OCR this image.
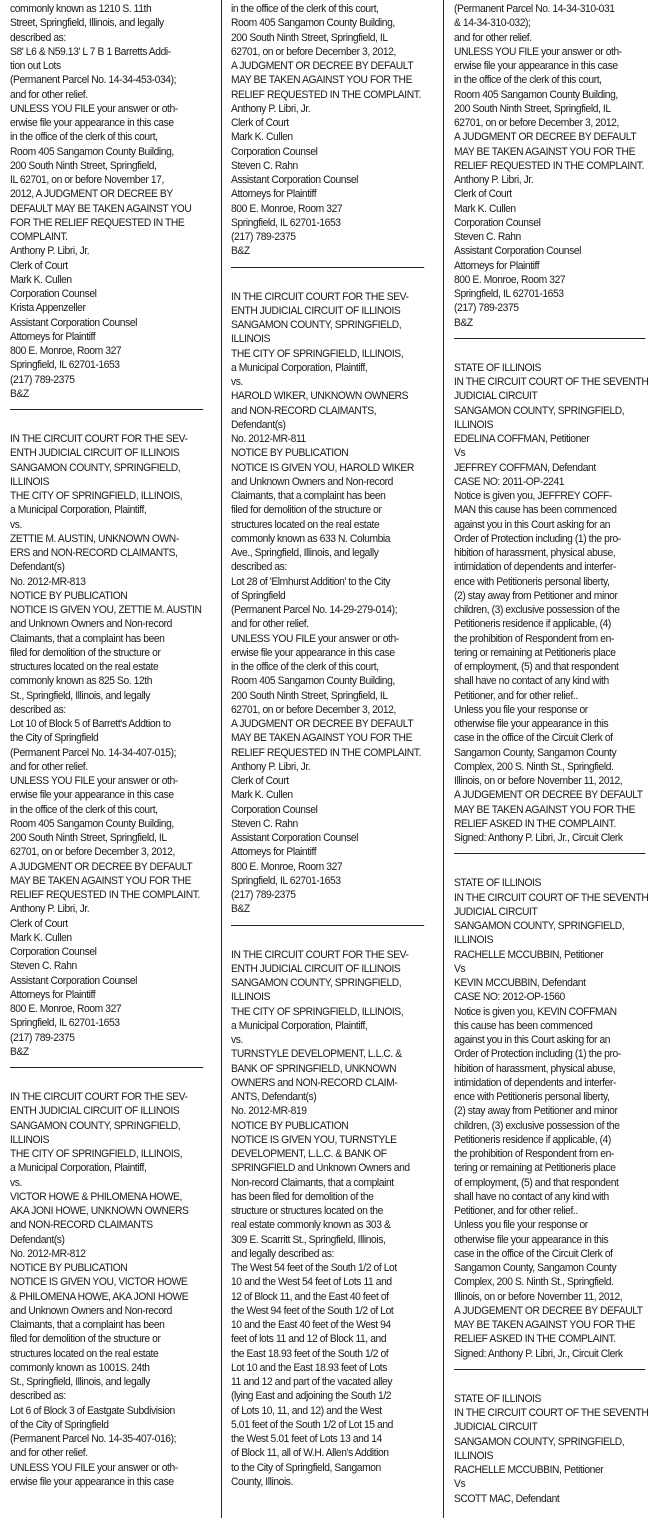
commonly known as 1210 S. 11th
Street, Springfield, Illinois, and legally
described as:
S8' L6 & N59.13' L 7 B 1 Barretts Addi-
tion out Lots
(Permanent Parcel No. 14-34-453-034);
and for other relief.
UNLESS YOU FILE your answer or oth-
erwise file your appearance in this case
in the office of the clerk of this court,
Room 405 Sangamon County Building,
200 South Ninth Street, Springfield,
IL 62701, on or before November 17,
2012, A JUDGMENT OR DECREE BY
DEFAULT MAY BE TAKEN AGAINST YOU
FOR THE RELIEF REQUESTED IN THE
COMPLAINT.
Anthony P. Libri, Jr.
Clerk of Court
Mark K. Cullen
Corporation Counsel
Krista Appenzeller
Assistant Corporation Counsel
Attorneys for Plaintiff
800 E. Monroe, Room 327
Springfield, IL 62701-1653
(217) 789-2375
B&Z
IN THE CIRCUIT COURT FOR THE SEV-
ENTH JUDICIAL CIRCUIT OF ILLINOIS
SANGAMON COUNTY, SPRINGFIELD,
ILLINOIS
THE CITY OF SPRINGFIELD, ILLINOIS,
a Municipal Corporation, Plaintiff,
vs.
ZETTIE M. AUSTIN, UNKNOWN OWN-
ERS and NON-RECORD CLAIMANTS,
Defendant(s)
No. 2012-MR-813
NOTICE BY PUBLICATION
NOTICE IS GIVEN YOU, ZETTIE M. AUSTIN
and Unknown Owners and Non-record
Claimants, that a complaint has been
filed for demolition of the structure or
structures located on the real estate
commonly known as 825 So. 12th
St., Springfield, Illinois, and legally
described as:
Lot 10 of Block 5 of Barrett's Addtion to
the City of Springfield
(Permanent Parcel No. 14-34-407-015);
and for other relief.
UNLESS YOU FILE your answer or oth-
erwise file your appearance in this case
in the office of the clerk of this court,
Room 405 Sangamon County Building,
200 South Ninth Street, Springfield, IL
62701, on or before December 3, 2012,
A JUDGMENT OR DECREE BY DEFAULT
MAY BE TAKEN AGAINST YOU FOR THE
RELIEF REQUESTED IN THE COMPLAINT.
Anthony P. Libri, Jr.
Clerk of Court
Mark K. Cullen
Corporation Counsel
Steven C. Rahn
Assistant Corporation Counsel
Attorneys for Plaintiff
800 E. Monroe, Room 327
Springfield, IL 62701-1653
(217) 789-2375
B&Z
IN THE CIRCUIT COURT FOR THE SEV-
ENTH JUDICIAL CIRCUIT OF ILLINOIS
SANGAMON COUNTY, SPRINGFIELD,
ILLINOIS
THE CITY OF SPRINGFIELD, ILLINOIS,
a Municipal Corporation, Plaintiff,
vs.
VICTOR HOWE & PHILOMENA HOWE,
AKA JONI HOWE, UNKNOWN OWNERS
and NON-RECORD CLAIMANTS
Defendant(s)
No. 2012-MR-812
NOTICE BY PUBLICATION
NOTICE IS GIVEN YOU, VICTOR HOWE
& PHILOMENA HOWE, AKA JONI HOWE
and Unknown Owners and Non-record
Claimants, that a complaint has been
filed for demolition of the structure or
structures located on the real estate
commonly known as 1001S. 24th
St., Springfield, Illinois, and legally
described as:
Lot 6 of Block 3 of Eastgate Subdivision
of the City of Springfield
(Permanent Parcel No. 14-35-407-016);
and for other relief.
UNLESS YOU FILE your answer or oth-
erwise file your appearance in this case
in the office of the clerk of this court,
Room 405 Sangamon County Building,
200 South Ninth Street, Springfield, IL
62701, on or before December 3, 2012,
A JUDGMENT OR DECREE BY DEFAULT
MAY BE TAKEN AGAINST YOU FOR THE
RELIEF REQUESTED IN THE COMPLAINT.
Anthony P. Libri, Jr.
Clerk of Court
Mark K. Cullen
Corporation Counsel
Steven C. Rahn
Assistant Corporation Counsel
Attorneys for Plaintiff
800 E. Monroe, Room 327
Springfield, IL 62701-1653
(217) 789-2375
B&Z
IN THE CIRCUIT COURT FOR THE SEV-
ENTH JUDICIAL CIRCUIT OF ILLINOIS
SANGAMON COUNTY, SPRINGFIELD,
ILLINOIS
THE CITY OF SPRINGFIELD, ILLINOIS,
a Municipal Corporation, Plaintiff,
vs.
HAROLD WIKER, UNKNOWN OWNERS
and NON-RECORD CLAIMANTS,
Defendant(s)
No. 2012-MR-811
NOTICE BY PUBLICATION
NOTICE IS GIVEN YOU, HAROLD WIKER
and Unknown Owners and Non-record
Claimants, that a complaint has been
filed for demolition of the structure or
structures located on the real estate
commonly known as 633 N. Columbia
Ave., Springfield, Illinois, and legally
described as:
Lot 28 of 'Elmhurst Addition' to the City
of Springfield
(Permanent Parcel No. 14-29-279-014);
and for other relief.
UNLESS YOU FILE your answer or oth-
erwise file your appearance in this case
in the office of the clerk of this court,
Room 405 Sangamon County Building,
200 South Ninth Street, Springfield, IL
62701, on or before December 3, 2012,
A JUDGMENT OR DECREE BY DEFAULT
MAY BE TAKEN AGAINST YOU FOR THE
RELIEF REQUESTED IN THE COMPLAINT.
Anthony P. Libri, Jr.
Clerk of Court
Mark K. Cullen
Corporation Counsel
Steven C. Rahn
Assistant Corporation Counsel
Attorneys for Plaintiff
800 E. Monroe, Room 327
Springfield, IL 62701-1653
(217) 789-2375
B&Z
IN THE CIRCUIT COURT FOR THE SEV-
ENTH JUDICIAL CIRCUIT OF ILLINOIS
SANGAMON COUNTY, SPRINGFIELD,
ILLINOIS
THE CITY OF SPRINGFIELD, ILLINOIS,
a Municipal Corporation, Plaintiff,
vs.
TURNSTYLE DEVELOPMENT, L.L.C. &
BANK OF SPRINGFIELD, UNKNOWN
OWNERS and NON-RECORD CLAIM-
ANTS, Defendant(s)
No. 2012-MR-819
NOTICE BY PUBLICATION
NOTICE IS GIVEN YOU, TURNSTYLE
DEVELOPMENT, L.L.C. & BANK OF
SPRINGFIELD and Unknown Owners and
Non-record Claimants, that a complaint
has been filed for demolition of the
structure or structures located on the
real estate commonly known as 303 &
309 E. Scarritt St., Springfield, Illinois,
and legally described as:
The West 54 feet of the South 1/2 of Lot
10 and the West 54 feet of Lots 11 and
12 of Block 11, and the East 40 feet of
the West 94 feet of the South 1/2 of Lot
10 and the East 40 feet of the West 94
feet of lots 11 and 12 of Block 11, and
the East 18.93 feet of the South 1/2 of
Lot 10 and the East 18.93 feet of Lots
11 and 12 and part of the vacated alley
(lying East and adjoining the South 1/2
of Lots 10, 11, and 12) and the West
5.01 feet of the South 1/2 of Lot 15 and
the West 5.01 feet of Lots 13 and 14
of Block 11, all of W.H. Allen's Addition
to the City of Springfield, Sangamon
County, Illinois.
(Permanent Parcel No. 14-34-310-031
& 14-34-310-032);
and for other relief.
UNLESS YOU FILE your answer or oth-
erwise file your appearance in this case
in the office of the clerk of this court,
Room 405 Sangamon County Building,
200 South Ninth Street, Springfield, IL
62701, on or before December 3, 2012,
A JUDGMENT OR DECREE BY DEFAULT
MAY BE TAKEN AGAINST YOU FOR THE
RELIEF REQUESTED IN THE COMPLAINT.
Anthony P. Libri, Jr.
Clerk of Court
Mark K. Cullen
Corporation Counsel
Steven C. Rahn
Assistant Corporation Counsel
Attorneys for Plaintiff
800 E. Monroe, Room 327
Springfield, IL 62701-1653
(217) 789-2375
B&Z
STATE OF ILLINOIS
IN THE CIRCUIT COURT OF THE SEVENTH
JUDICIAL CIRCUIT
SANGAMON COUNTY, SPRINGFIELD,
ILLINOIS
EDELINA COFFMAN, Petitioner
Vs
JEFFREY COFFMAN, Defendant
CASE NO: 2011-OP-2241
Notice is given you, JEFFREY COFF-
MAN this cause has been commenced
against you in this Court asking for an
Order of Protection including (1) the pro-
hibition of harassment, physical abuse,
intimidation of dependents and interfer-
ence with Petitioneris personal liberty,
(2) stay away from Petitioner and minor
children, (3) exclusive possession of the
Petitioneris residence if applicable, (4)
the prohibition of Respondent from en-
tering or remaining at Petitioneris place
of employment, (5) and that respondent
shall have no contact of any kind with
Petitioner, and for other relief..
Unless you file your response or
otherwise file your appearance in this
case in the office of the Circuit Clerk of
Sangamon County, Sangamon County
Complex, 200 S. Ninth St., Springfield.
Illinois, on or before November 11, 2012,
A JUDGEMENT OR DECREE BY DEFAULT
MAY BE TAKEN AGAINST YOU FOR THE
RELIEF ASKED IN THE COMPLAINT.
Signed: Anthony P. Libri, Jr., Circuit Clerk
STATE OF ILLINOIS
IN THE CIRCUIT COURT OF THE SEVENTH
JUDICIAL CIRCUIT
SANGAMON COUNTY, SPRINGFIELD,
ILLINOIS
RACHELLE MCCUBBIN, Petitioner
Vs
KEVIN MCCUBBIN, Defendant
CASE NO: 2012-OP-1560
Notice is given you, KEVIN COFFMAN
this cause has been commenced
against you in this Court asking for an
Order of Protection including (1) the pro-
hibition of harassment, physical abuse,
intimidation of dependents and interfer-
ence with Petitioneris personal liberty,
(2) stay away from Petitioner and minor
children, (3) exclusive possession of the
Petitioneris residence if applicable, (4)
the prohibition of Respondent from en-
tering or remaining at Petitioneris place
of employment, (5) and that respondent
shall have no contact of any kind with
Petitioner, and for other relief..
Unless you file your response or
otherwise file your appearance in this
case in the office of the Circuit Clerk of
Sangamon County, Sangamon County
Complex, 200 S. Ninth St., Springfield.
Illinois, on or before November 11, 2012,
A JUDGEMENT OR DECREE BY DEFAULT
MAY BE TAKEN AGAINST YOU FOR THE
RELIEF ASKED IN THE COMPLAINT.
Signed: Anthony P. Libri, Jr., Circuit Clerk
STATE OF ILLINOIS
IN THE CIRCUIT COURT OF THE SEVENTH
JUDICIAL CIRCUIT
SANGAMON COUNTY, SPRINGFIELD,
ILLINOIS
RACHELLE MCCUBBIN, Petitioner
Vs
SCOTT MAC, Defendant
